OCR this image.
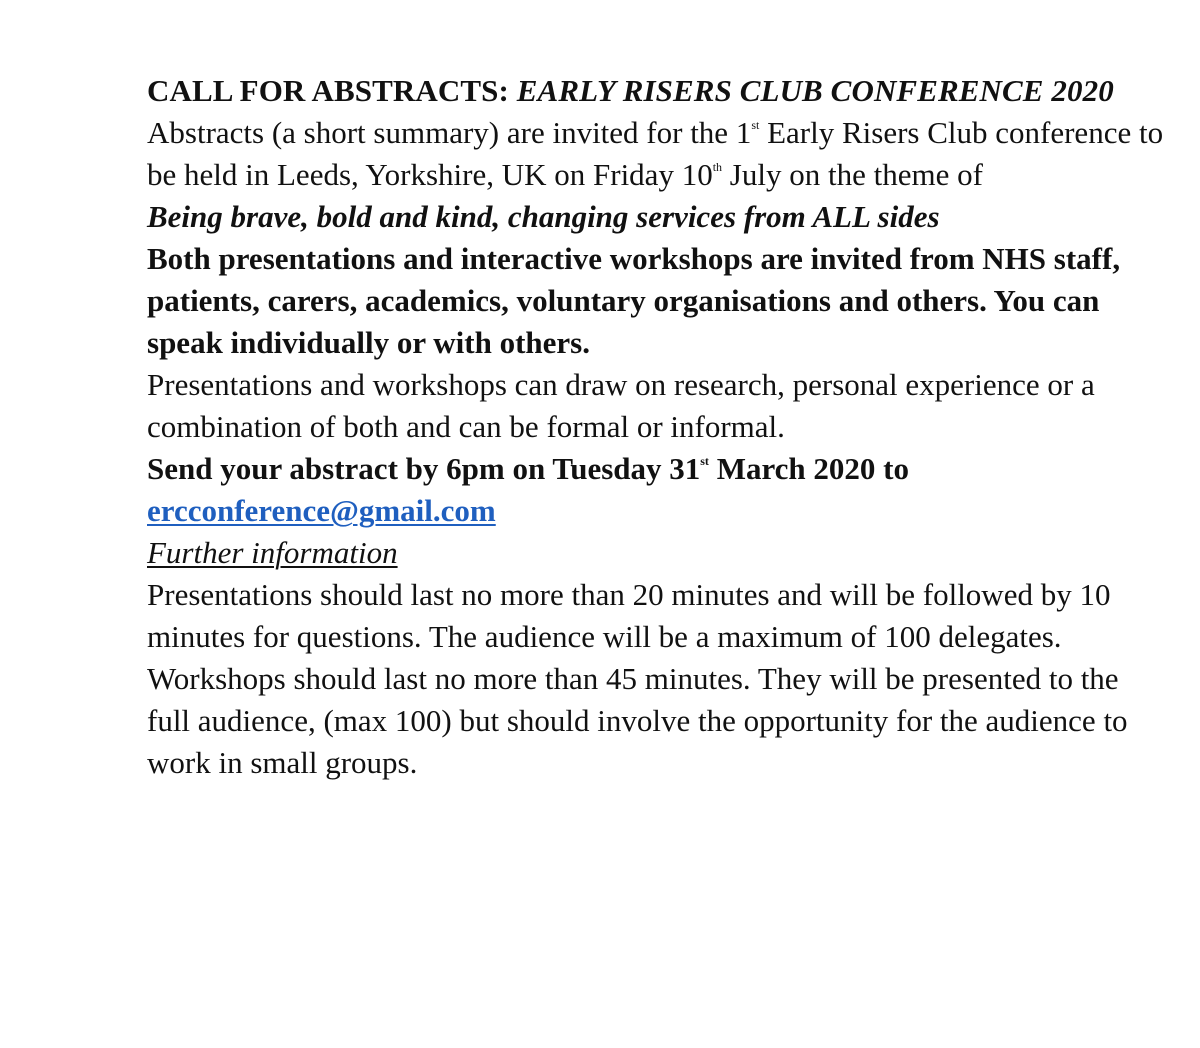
CALL FOR ABSTRACTS: EARLY RISERS CLUB CONFERENCE 2020

Abstracts (a short summary) are invited for the 1st Early Risers Club conference to be held in Leeds, Yorkshire, UK on Friday 10th July on the theme of

Being brave, bold and kind, changing services from ALL sides

Both presentations and interactive workshops are invited from NHS staff, patients, carers, academics, voluntary organisations and others. You can speak individually or with others.

Presentations and workshops can draw on research, personal experience or a combination of both and can be formal or informal.

Send your abstract by 6pm on Tuesday 31st March 2020 to
ercconference@gmail.com

Further information

Presentations should last no more than 20 minutes and will be followed by 10 minutes for questions. The audience will be a maximum of 100 delegates.

Workshops should last no more than 45 minutes. They will be presented to the full audience, (max 100) but should involve the opportunity for the audience to work in small groups.
